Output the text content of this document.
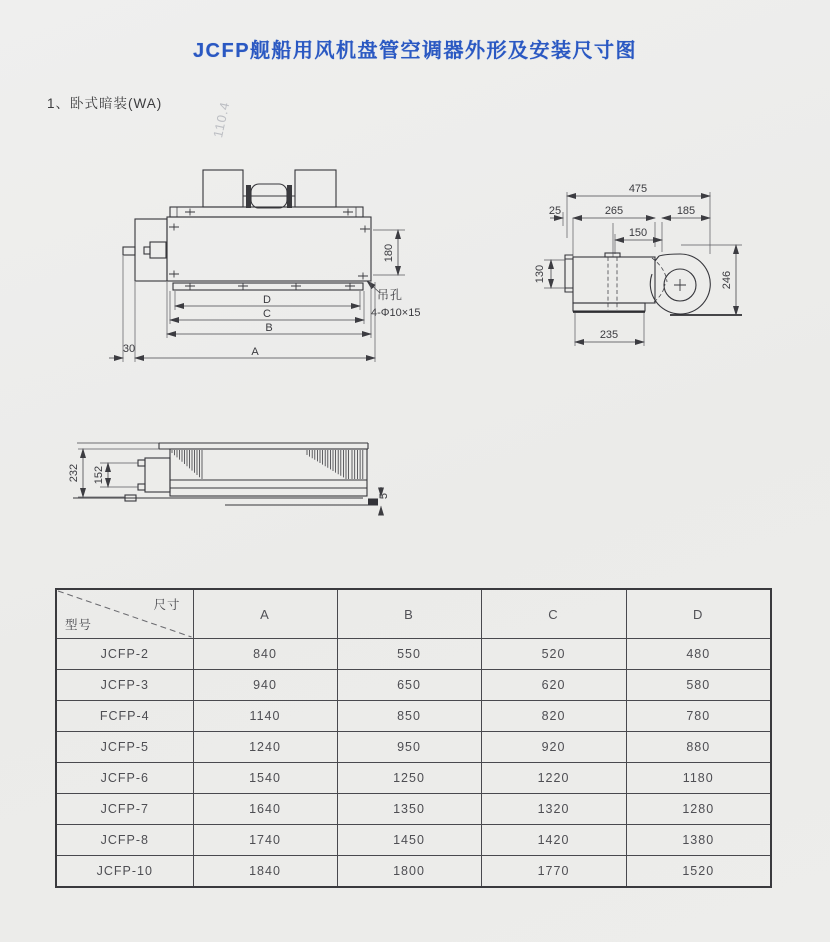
JCFP舰船用风机盘管空调器外形及安装尺寸图
1、卧式暗装(WA)	110.4
180
吊孔
4-Φ10×15
D
C
B
A
30
475
25	265	185
150
130	246
235
232 152
5
尺寸
型号	A	B	C	D
JCFP-2	840	550	520	480
JCFP-3	940	650	620	580
FCFP-4	1140	850	820	780
JCFP-5	1240	950	920	880
JCFP-6	1540	1250	1220	1180
JCFP-7	1640	1350	1320	1280
JCFP-8	1740	1450	1420	1380
JCFP-10	1840	1800	1770	1520
